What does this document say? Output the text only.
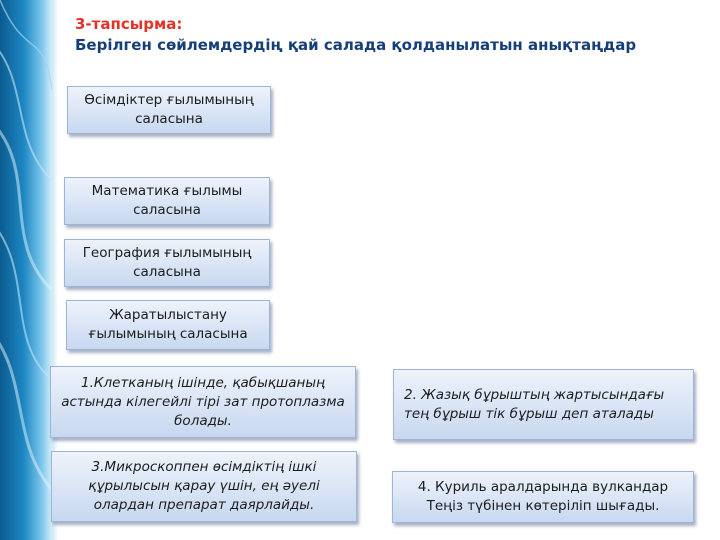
3-тапсырма:
Берілген сөйлемдердің қай салада қолданылатын анықтаңдар
Өсімдіктер ғылымының саласына
Математика ғылымы саласына
География ғылымының саласына
Жаратылыстану ғылымының саласына
1.Клетканың ішінде, қабықшаның астында кілегейлі тірі зат протоплазма болады.
2. Жазық бұрыштың жартысындағы тең бұрыш тік бұрыш деп аталады
3.Микроскоппен өсімдіктің ішкі құрылысын қарау үшін, ең әуелі олардан препарат даярлайды.
4. Куриль аралдарында вулкандар Теңіз түбінен көтеріліп шығады.
